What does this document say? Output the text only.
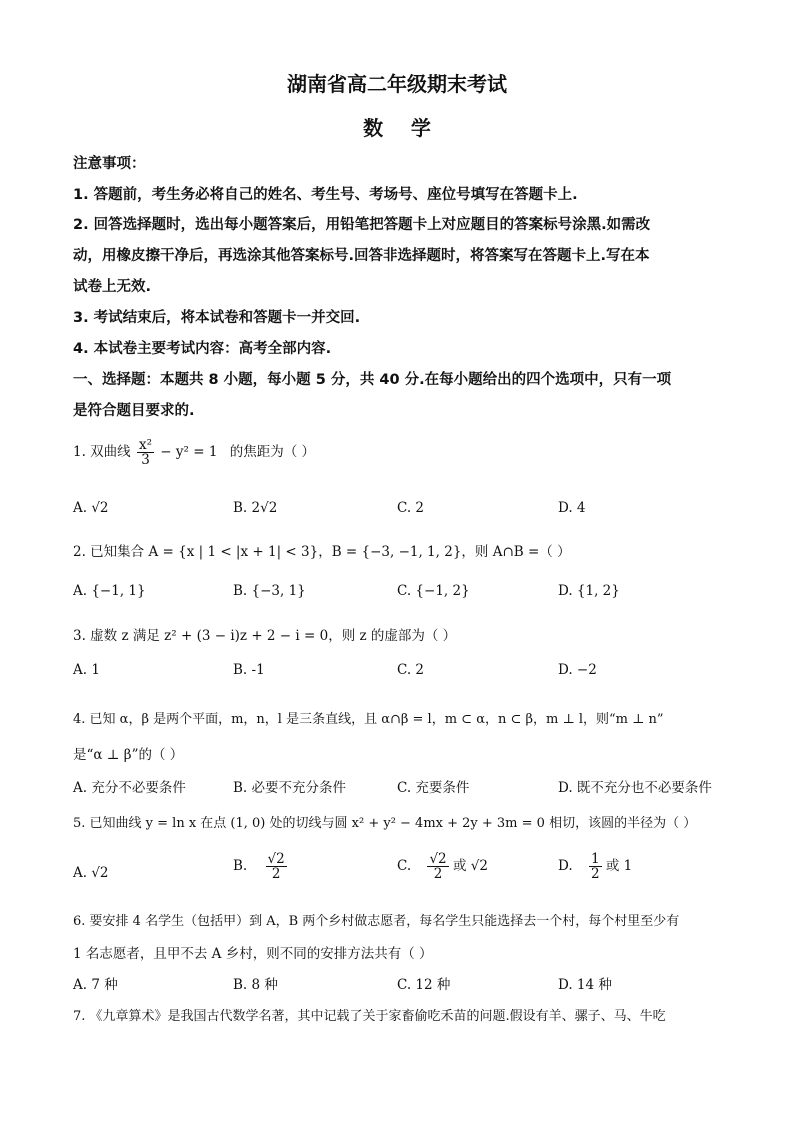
湖南省高二年级期末考试
数    学
注意事项：
1. 答题前，考生务必将自己的姓名、考生号、考场号、座位号填写在答题卡上.
2. 回答选择题时，选出每小题答案后，用铅笔把答题卡上对应题目的答案标号涂黑.如需改
动，用橡皮擦干净后，再选涂其他答案标号.回答非选择题时，将答案写在答题卡上.写在本
试卷上无效.
3. 考试结束后，将本试卷和答题卡一并交回.
4. 本试卷主要考试内容：高考全部内容.
一、选择题：本题共 8 小题，每小题 5 分，共 40 分.在每小题给出的四个选项中，只有一项
是符合题目要求的.
1. 双曲线 $\frac{\text{x²}}{3} - y^2 = 1$ 的焦距为（ ）
A. √2	B. 2√2	C. 2	D. 4
2. 已知集合 A = {x | 1 < |x + 1| < 3}，B = {−3, −1, 1, 2}，则 A∩B =（ ）
A. {−1, 1}	B. {−3, 1}	C. {−1, 2}	D. {1, 2}
3. 虚数 z 满足 z² + (3 − i)z + 2 − i = 0，则 z 的虚部为（ ）
A. 1	B. -1	C. 2	D. −2
4. 已知 α，β 是两个平面，m，n，l 是三条直线，且 α∩β = l，m ⊂ α，n ⊂ β，m ⊥ l，则“m ⊥ n”
是“α ⊥ β”的（ ）
A. 充分不必要条件	B. 必要不充分条件	C. 充要条件	D. 既不充分也不必要条件
5. 已知曲线 y = ln x 在点 (1, 0) 处的切线与圆 x² + y² − 4mx + 2y + 3m = 0 相切，该圆的半径为（ ）
A. √2	B. $\frac{√2}{2}$	C. $\frac{√2}{2}$ 或 √2	D. $\frac{1}{2}$ 或 1
6. 要安排 4 名学生（包括甲）到 A，B 两个乡村做志愿者，每名学生只能选择去一个村，每个村里至少有
1 名志愿者，且甲不去 A 乡村，则不同的安排方法共有（ ）
A. 7 种	B. 8 种	C. 12 种	D. 14 种
7. 《九章算术》是我国古代数学名著，其中记载了关于家畜偷吃禾苗的问题.假设有羊、骡子、马、牛吃
